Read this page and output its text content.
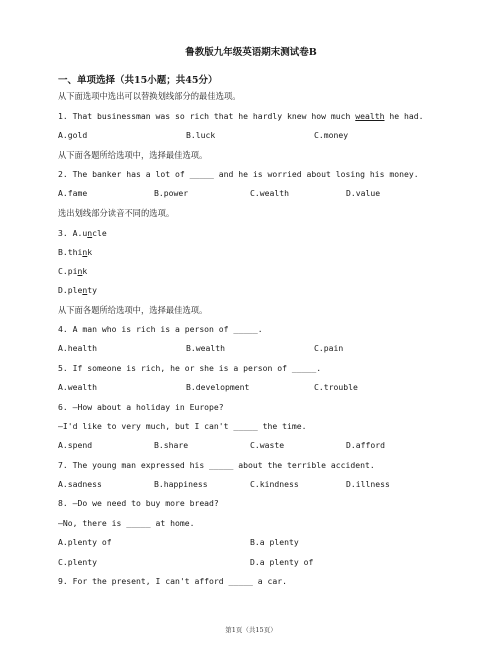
鲁教版九年级英语期末测试卷B
一、单项选择（共15小题；共45分）
从下面选项中选出可以替换划线部分的最佳选项。
1. That businessman was so rich that he hardly knew how much wealth he had.
A.gold	B.luck	C.money
从下面各题所给选项中，选择最佳选项。
2. The banker has a lot of _____ and he is worried about losing his money.
A.fame	B.power	C.wealth	D.value
选出划线部分读音不同的选项。
3. A.uncle
B.think
C.pink
D.plenty
从下面各题所给选项中，选择最佳选项。
4. A man who is rich is a person of _____.
A.health	B.wealth	C.pain
5. If someone is rich, he or she is a person of _____.
A.wealth	B.development	C.trouble
6. —How about a holiday in Europe?
—I'd like to very much, but I can't _____ the time.
A.spend	B.share	C.waste	D.afford
7. The young man expressed his _____ about the terrible accident.
A.sadness	B.happiness	C.kindness	D.illness
8. —Do we need to buy more bread?
—No, there is _____ at home.
A.plenty of	B.a plenty
C.plenty	D.a plenty of
9. For the present, I can't afford _____ a car.
第1页（共15页）
